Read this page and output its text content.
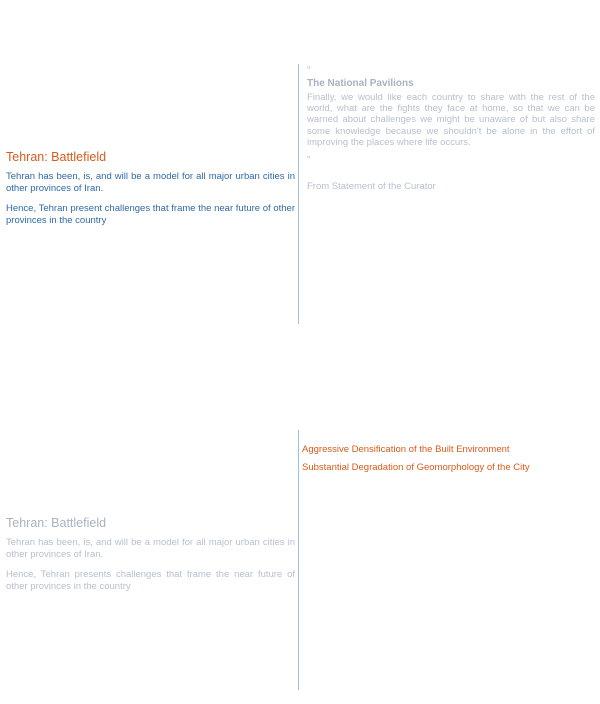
Tehran: Battlefield

Tehran has been, is, and will be a model for all major urban cities in other provinces of Iran.

Hence, Tehran present challenges that frame the near future of other provinces in the country

“
The National Pavilions

Finally, we would like each country to share with the rest of the world, what are the fights they face at home, so that we can be warned about challenges we might be unaware of but also share some knowledge because we shouldn't be alone in the effort of improving the places where life occurs.

”
From Statement of the Curator
Aggressive Densification of the Built Environment
Substantial Degradation of Geomorphology of the City
Tehran: Battlefield

Tehran has been, is, and will be a model for all major urban cities in other provinces of Iran.

Hence, Tehran presents challenges that frame the near future of other provinces in the country
